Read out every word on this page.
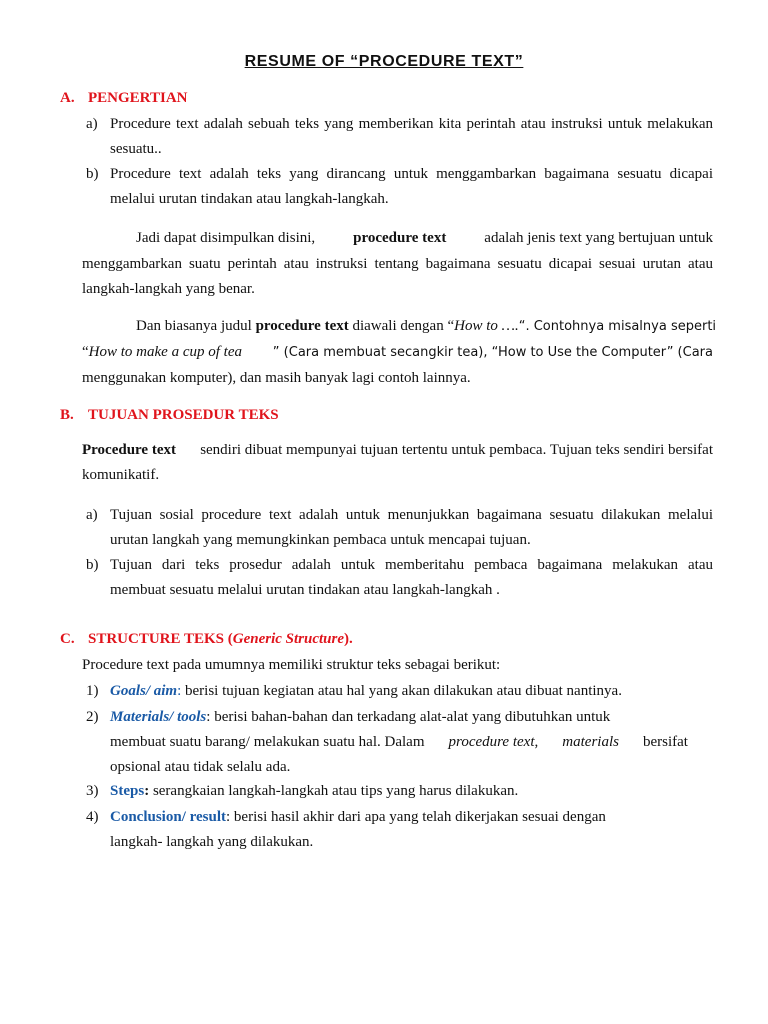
RESUME OF “PROCEDURE TEXT”
A. PENGERTIAN
a) Procedure text adalah sebuah teks yang memberikan kita perintah atau instruksi untuk melakukan
sesuatu..
b) Procedure text adalah teks yang dirancang untuk menggambarkan bagaimana sesuatu dicapai
melalui urutan tindakan atau langkah-langkah.
Jadi dapat disimpulkan disini,	procedure text	adalah jenis text yang bertujuan untuk
menggambarkan suatu perintah atau instruksi tentang bagaimana sesuatu dicapai sesuai urutan atau
langkah-langkah yang benar.
Dan biasanya judul procedure text diawali dengan “How to …. “. Contohnya misalnya seperti
“How to make a cup of tea ” (Cara membuat secangkir tea), “How to Use the Computer” (Cara
menggunakan komputer), dan masih banyak lagi contoh lainnya.
B. TUJUAN PROSEDUR TEKS
Procedure text sendiri dibuat mempunyai tujuan tertentu untuk pembaca. Tujuan teks sendiri bersifat
komunikatif.
a) Tujuan sosial procedure text adalah untuk menunjukkan bagaimana sesuatu dilakukan melalui
urutan langkah yang memungkinkan pembaca untuk mencapai tujuan.
b) Tujuan dari teks prosedur adalah untuk memberitahu pembaca bagaimana melakukan atau
membuat sesuatu melalui urutan tindakan atau langkah-langkah .
C. STRUCTURE TEKS (Generic Structure).
Procedure text pada umumnya memiliki struktur teks sebagai berikut:
1) Goals/ aim: berisi tujuan kegiatan atau hal yang akan dilakukan atau dibuat nantinya.
2) Materials/ tools: berisi bahan-bahan dan terkadang alat-alat yang dibutuhkan untuk
membuat suatu barang/ melakukan suatu hal. Dalam procedure text, materials bersifat
opsional atau tidak selalu ada.
3) Steps: serangkaian langkah-langkah atau tips yang harus dilakukan.
4) Conclusion/ result: berisi hasil akhir dari apa yang telah dikerjakan sesuai dengan
langkah- langkah yang dilakukan.
